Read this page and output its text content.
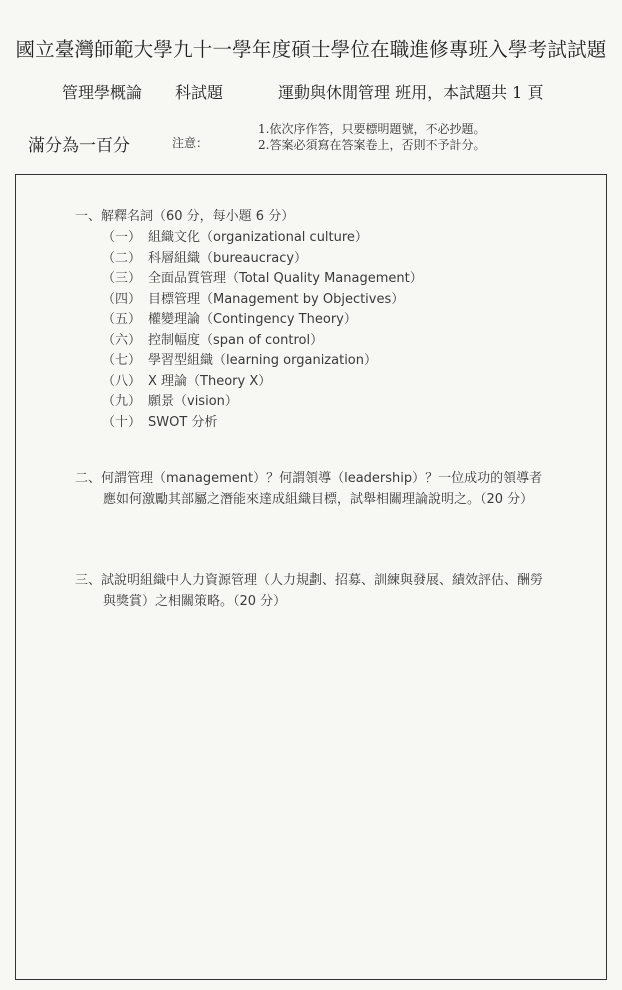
國立臺灣師範大學九十一學年度碩士學位在職進修專班入學考試試題
管理學概論 科試題	運動與休閒管理 班用，本試題共 1 頁
滿分為一百分	注意：
1.依次序作答，只要標明題號，不必抄題。
2.答案必須寫在答案卷上，否則不予計分。
一、解釋名詞（60 分，每小題 6 分）
（一） 組織文化（organizational culture）
（二） 科層組織（bureaucracy）
（三） 全面品質管理（Total Quality Management）
（四） 目標管理（Management by Objectives）
（五） 權變理論（Contingency Theory）
（六） 控制幅度（span of control）
（七） 學習型組織（learning organization）
（八） X 理論（Theory X）
（九） 願景（vision）
（十） SWOT 分析
二、何謂管理（management）？何謂領導（leadership）？一位成功的領導者應如何激勵其部屬之潛能來達成組織目標，試舉相關理論說明之。（20 分）
三、試說明組織中人力資源管理（人力規劃、招募、訓練與發展、績效評估、酬勞與獎賞）之相關策略。（20 分）
